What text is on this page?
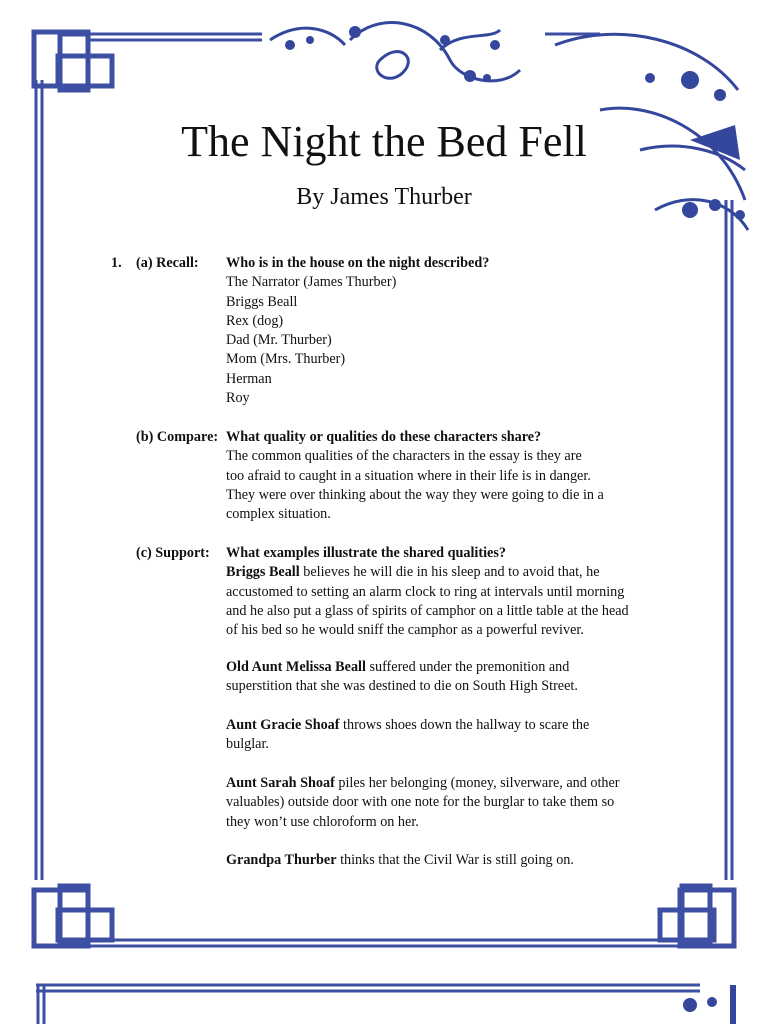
The Night the Bed Fell
By James Thurber
1. (a) Recall: Who is in the house on the night described?
The Narrator (James Thurber)
Briggs Beall
Rex (dog)
Dad (Mr. Thurber)
Mom (Mrs. Thurber)
Herman
Roy
(b) Compare: What quality or qualities do these characters share?
The common qualities of the characters in the essay is they are
too afraid to caught in a situation where in their life is in danger.
They were over thinking about the way they were going to die in a
complex situation.
(c) Support: What examples illustrate the shared qualities?
Briggs Beall believes he will die in his sleep and to avoid that, he
accustomed to setting an alarm clock to ring at intervals until morning
and he also put a glass of spirits of camphor on a little table at the head
of his bed so he would sniff the camphor as a powerful reviver.
Old Aunt Melissa Beall suffered under the premonition and
superstition that she was destined to die on South High Street.
Aunt Gracie Shoaf throws shoes down the hallway to scare the
bulglar.
Aunt Sarah Shoaf piles her belonging (money, silverware, and other
valuables) outside door with one note for the burglar to take them so
they won’t use chloroform on her.
Grandpa Thurber thinks that the Civil War is still going on.
